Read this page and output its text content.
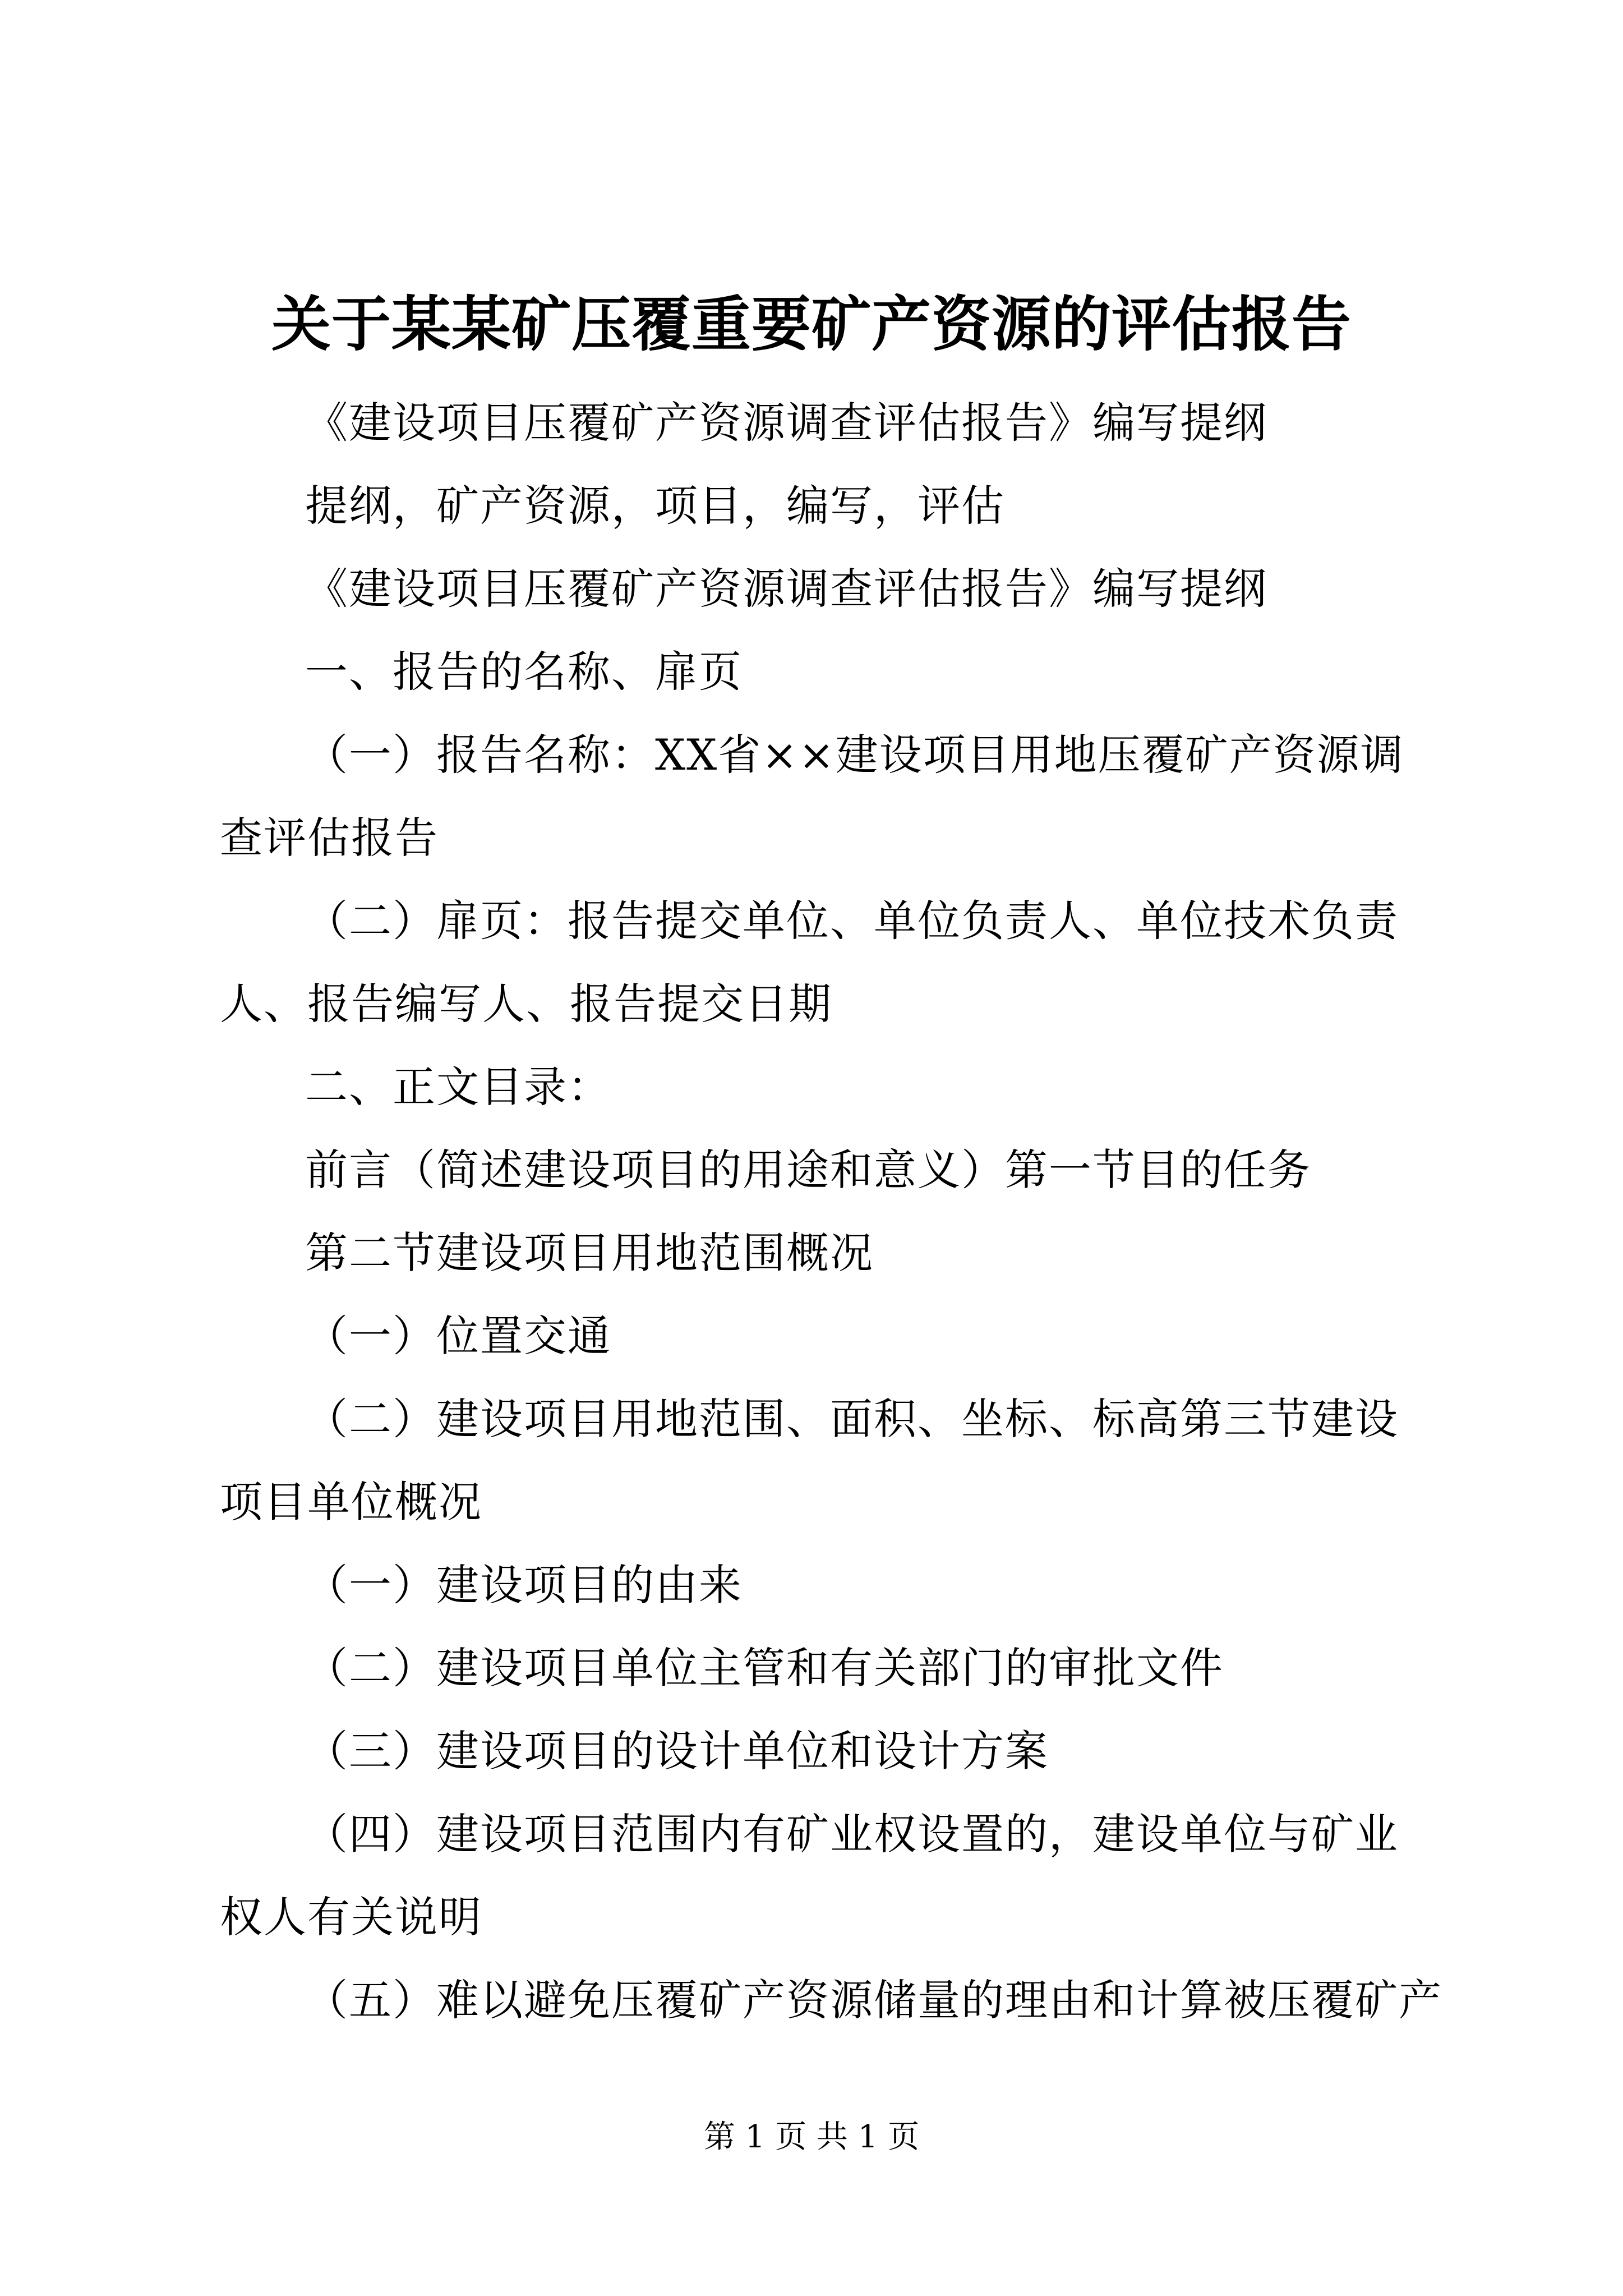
关于某某矿压覆重要矿产资源的评估报告

《建设项目压覆矿产资源调查评估报告》编写提纲

提纲，矿产资源，项目，编写，评估

《建设项目压覆矿产资源调查评估报告》编写提纲

一、报告的名称、扉页

（一）报告名称：XX省××建设项目用地压覆矿产资源调查评估报告

（二）扉页：报告提交单位、单位负责人、单位技术负责人、报告编写人、报告提交日期

二、正文目录：

前言（简述建设项目的用途和意义）第一节目的任务

第二节建设项目用地范围概况

（一）位置交通

（二）建设项目用地范围、面积、坐标、标高第三节建设项目单位概况

（一）建设项目的由来

（二）建设项目单位主管和有关部门的审批文件

（三）建设项目的设计单位和设计方案

（四）建设项目范围内有矿业权设置的，建设单位与矿业权人有关说明

（五）难以避免压覆矿产资源储量的理由和计算被压覆矿产

第 1 页 共 1 页
